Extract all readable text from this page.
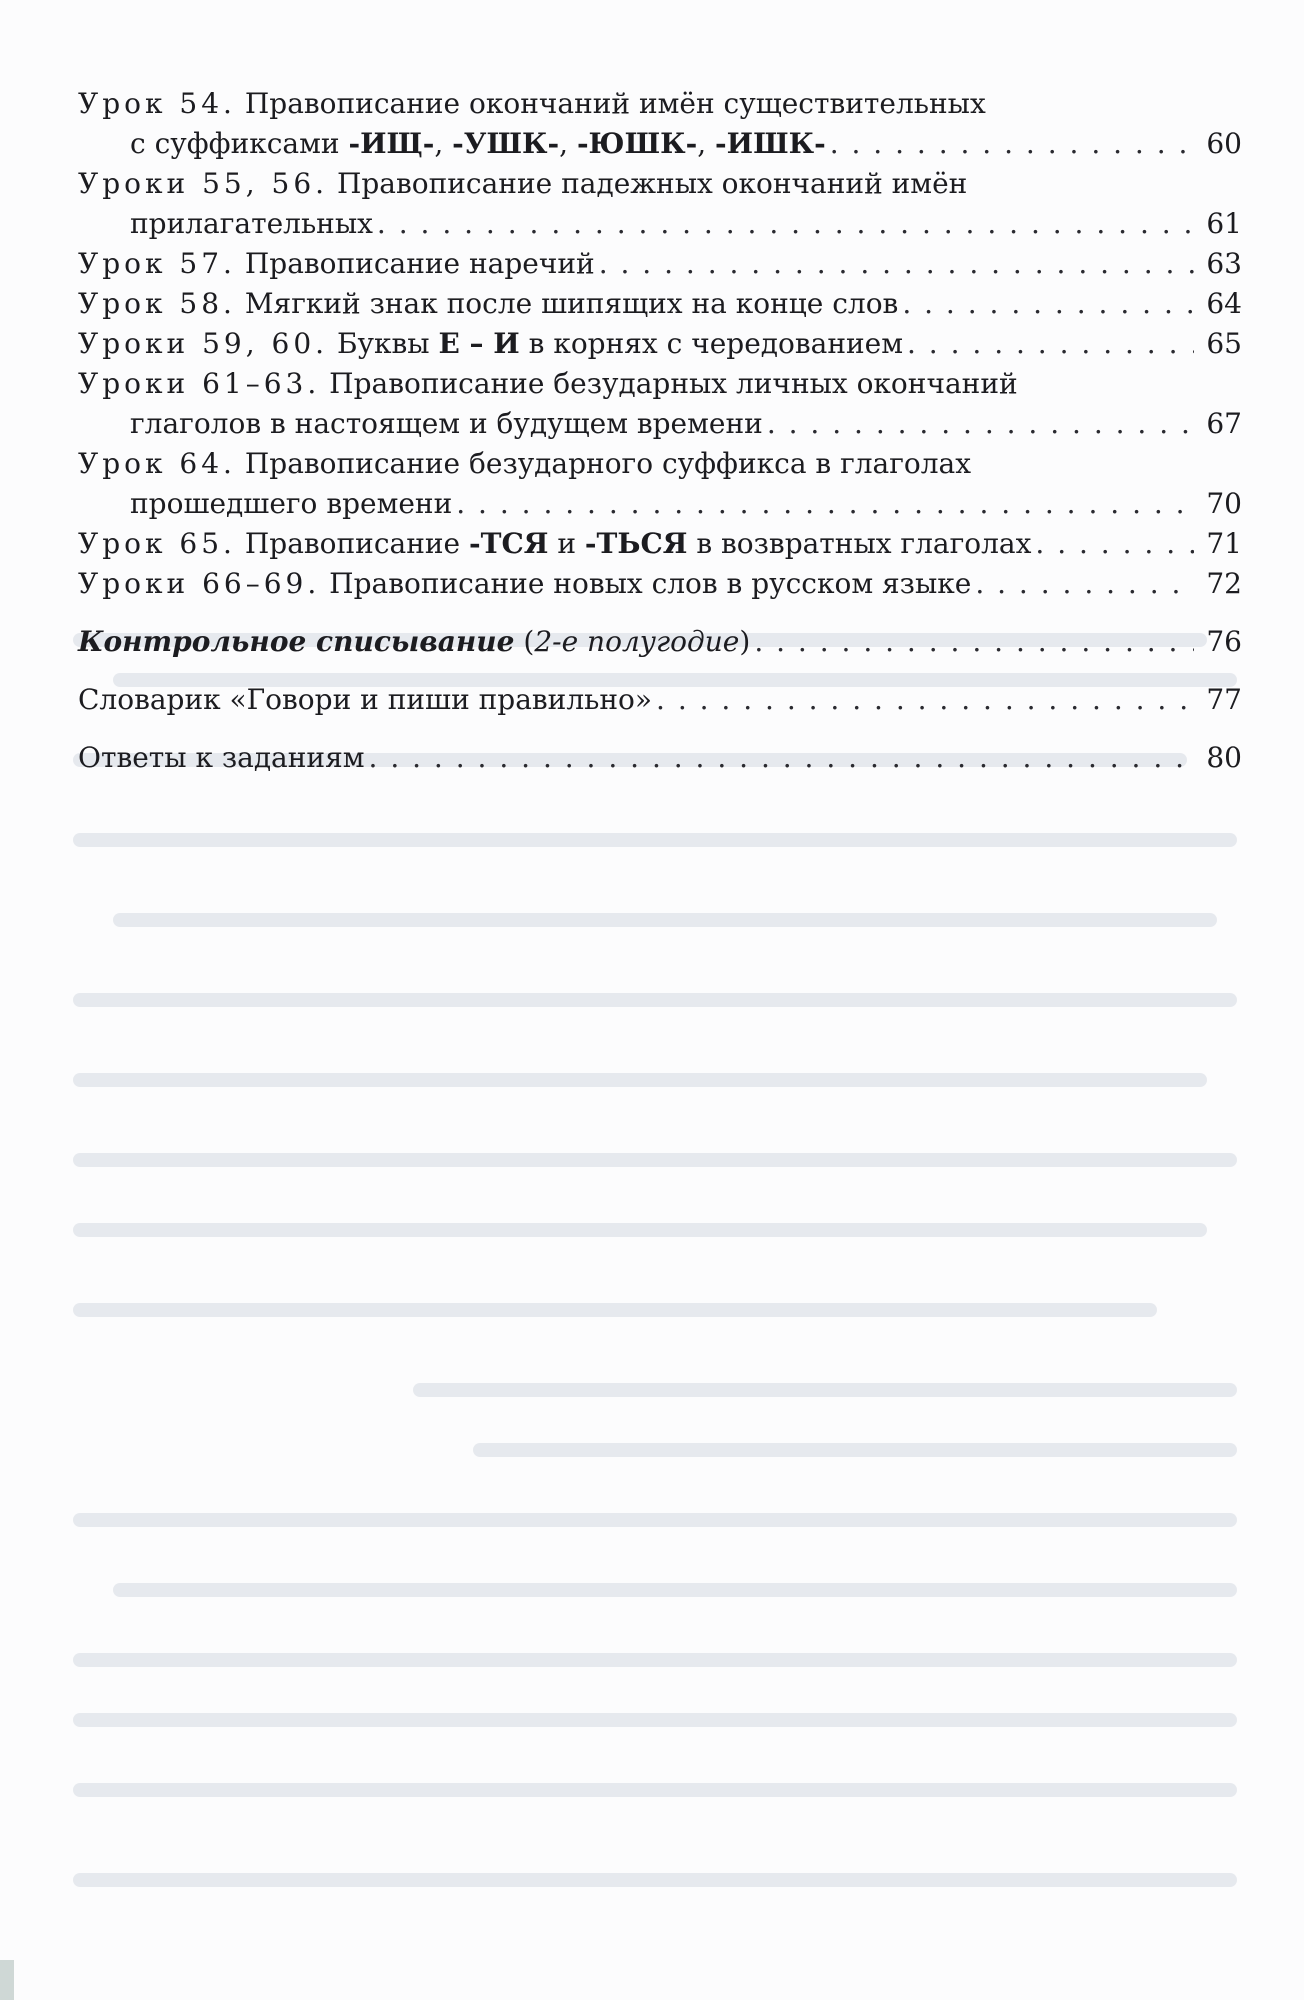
Урок 54. Правописание окончаний имён существительных
с суффиксами -ИЩ-, -УШК-, -ЮШК-, -ИШК- . . .	60
Уроки 55, 56. Правописание падежных окончаний имён
прилагательных . . .	61
Урок 57. Правописание наречий . . .	63
Урок 58. Мягкий знак после шипящих на конце слов . . .	64
Уроки 59, 60. Буквы Е – И в корнях с чередованием . . .	65
Уроки 61–63. Правописание безударных личных окончаний
глаголов в настоящем и будущем времени . . .	67
Урок 64. Правописание безударного суффикса в глаголах
прошедшего времени . . .	70
Урок 65. Правописание -ТСЯ и -ТЬСЯ в возвратных глаголах . . .	71
Уроки 66–69. Правописание новых слов в русском языке . . .	72
Контрольное списывание (2-е полугодие) . . .	76
Словарик «Говори и пиши правильно» . . .	77
Ответы к заданиям . . .	80
